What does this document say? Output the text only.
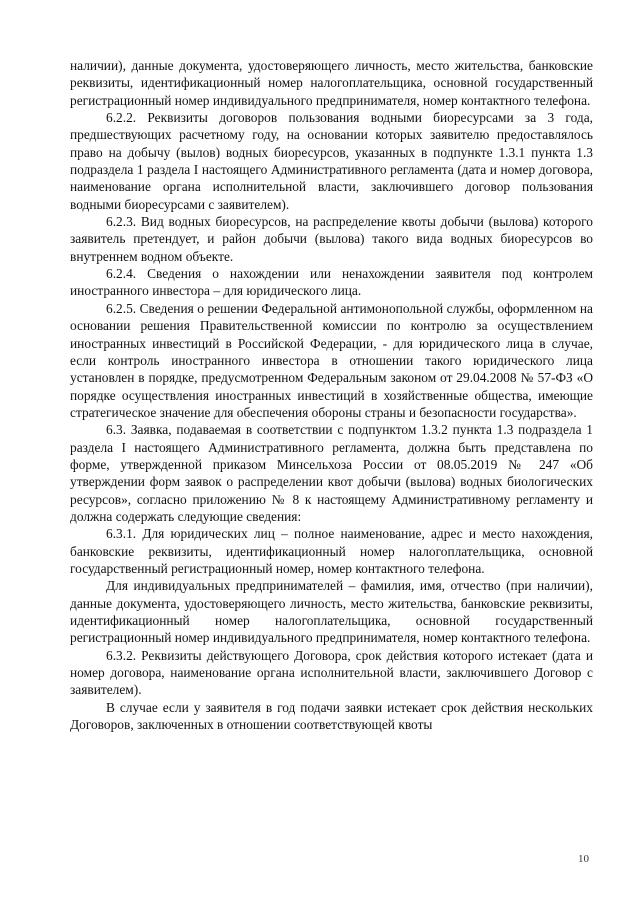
наличии), данные документа, удостоверяющего личность, место жительства, банковские реквизиты, идентификационный номер налогоплательщика, основной государственный регистрационный номер индивидуального предпринимателя, номер контактного телефона.

6.2.2. Реквизиты договоров пользования водными биоресурсами за 3 года, предшествующих расчетному году, на основании которых заявителю предоставлялось право на добычу (вылов) водных биоресурсов, указанных в подпункте 1.3.1 пункта 1.3 подраздела 1 раздела I настоящего Административного регламента (дата и номер договора, наименование органа исполнительной власти, заключившего договор пользования водными биоресурсами с заявителем).

6.2.3. Вид водных биоресурсов, на распределение квоты добычи (вылова) которого заявитель претендует, и район добычи (вылова) такого вида водных биоресурсов во внутреннем водном объекте.

6.2.4. Сведения о нахождении или ненахождении заявителя под контролем иностранного инвестора – для юридического лица.

6.2.5. Сведения о решении Федеральной антимонопольной службы, оформленном на основании решения Правительственной комиссии по контролю за осуществлением иностранных инвестиций в Российской Федерации, - для юридического лица в случае, если контроль иностранного инвестора в отношении такого юридического лица установлен в порядке, предусмотренном Федеральным законом от 29.04.2008 № 57-ФЗ «О порядке осуществления иностранных инвестиций в хозяйственные общества, имеющие стратегическое значение для обеспечения обороны страны и безопасности государства».

6.3. Заявка, подаваемая в соответствии с подпунктом 1.3.2 пункта 1.3 подраздела 1 раздела I настоящего Административного регламента, должна быть представлена по форме, утвержденной приказом Минсельхоза России от 08.05.2019 № 247 «Об утверждении форм заявок о распределении квот добычи (вылова) водных биологических ресурсов», согласно приложению № 8 к настоящему Административному регламенту и должна содержать следующие сведения:

6.3.1. Для юридических лиц – полное наименование, адрес и место нахождения, банковские реквизиты, идентификационный номер налогоплательщика, основной государственный регистрационный номер, номер контактного телефона.

Для индивидуальных предпринимателей – фамилия, имя, отчество (при наличии), данные документа, удостоверяющего личность, место жительства, банковские реквизиты, идентификационный номер налогоплательщика, основной государственный регистрационный номер индивидуального предпринимателя, номер контактного телефона.

6.3.2. Реквизиты действующего Договора, срок действия которого истекает (дата и номер договора, наименование органа исполнительной власти, заключившего Договор с заявителем).

В случае если у заявителя в год подачи заявки истекает срок действия нескольких Договоров, заключенных в отношении соответствующей квоты

10
